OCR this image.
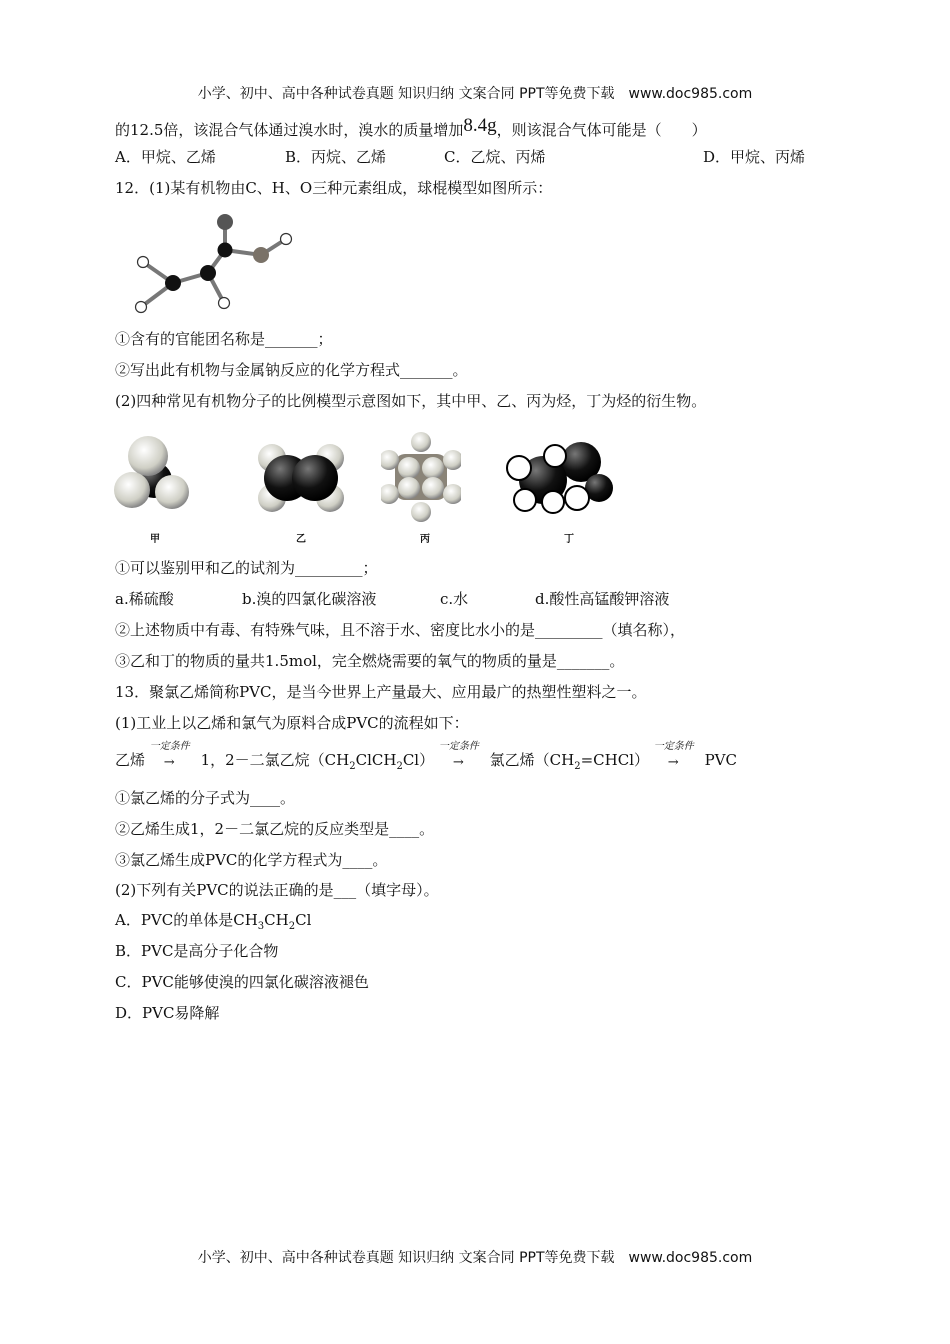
小学、初中、高中各种试卷真题 知识归纳 文案合同 PPT等免费下载　www.doc985.com
的12.5倍，该混合气体通过溴水时，溴水的质量增加8.4g，则该混合气体可能是（　　）
A．甲烷、乙烯	B．丙烷、乙烯	C．乙烷、丙烯	D．甲烷、丙烯
12．(1)某有机物由C、H、O三种元素组成，球棍模型如图所示：
①含有的官能团名称是_______；
②写出此有机物与金属钠反应的化学方程式_______。
(2)四种常见有机物分子的比例模型示意图如下，其中甲、乙、丙为烃，丁为烃的衍生物。
甲	乙	丙	丁
①可以鉴别甲和乙的试剂为_________；
a.稀硫酸	b.溴的四氯化碳溶液	c.水	d.酸性高锰酸钾溶液
②上述物质中有毒、有特殊气味，且不溶于水、密度比水小的是_________（填名称），
③乙和丁的物质的量共1.5mol，完全燃烧需要的氧气的物质的量是_______。
13．聚氯乙烯简称PVC，是当今世界上产量最大、应用最广的热塑性塑料之一。
(1)工业上以乙烯和氯气为原料合成PVC的流程如下：
乙烯
一定条件
→ 1，2－二氯乙烷$(CH_2ClCH_2Cl)$
一定条件
→ 氯乙烯$(CH_2=CHCl)$
一定条件
→ PVC
①氯乙烯的分子式为____。
②乙烯生成1，2－二氯乙烷的反应类型是____。
③氯乙烯生成PVC的化学方程式为____。
(2)下列有关PVC的说法正确的是___（填字母）。
A．PVC的单体是$CH_3CH_2Cl$
B．PVC是高分子化合物
C．PVC能够使溴的四氯化碳溶液褪色
D．PVC易降解
小学、初中、高中各种试卷真题 知识归纳 文案合同 PPT等免费下载　www.doc985.com
